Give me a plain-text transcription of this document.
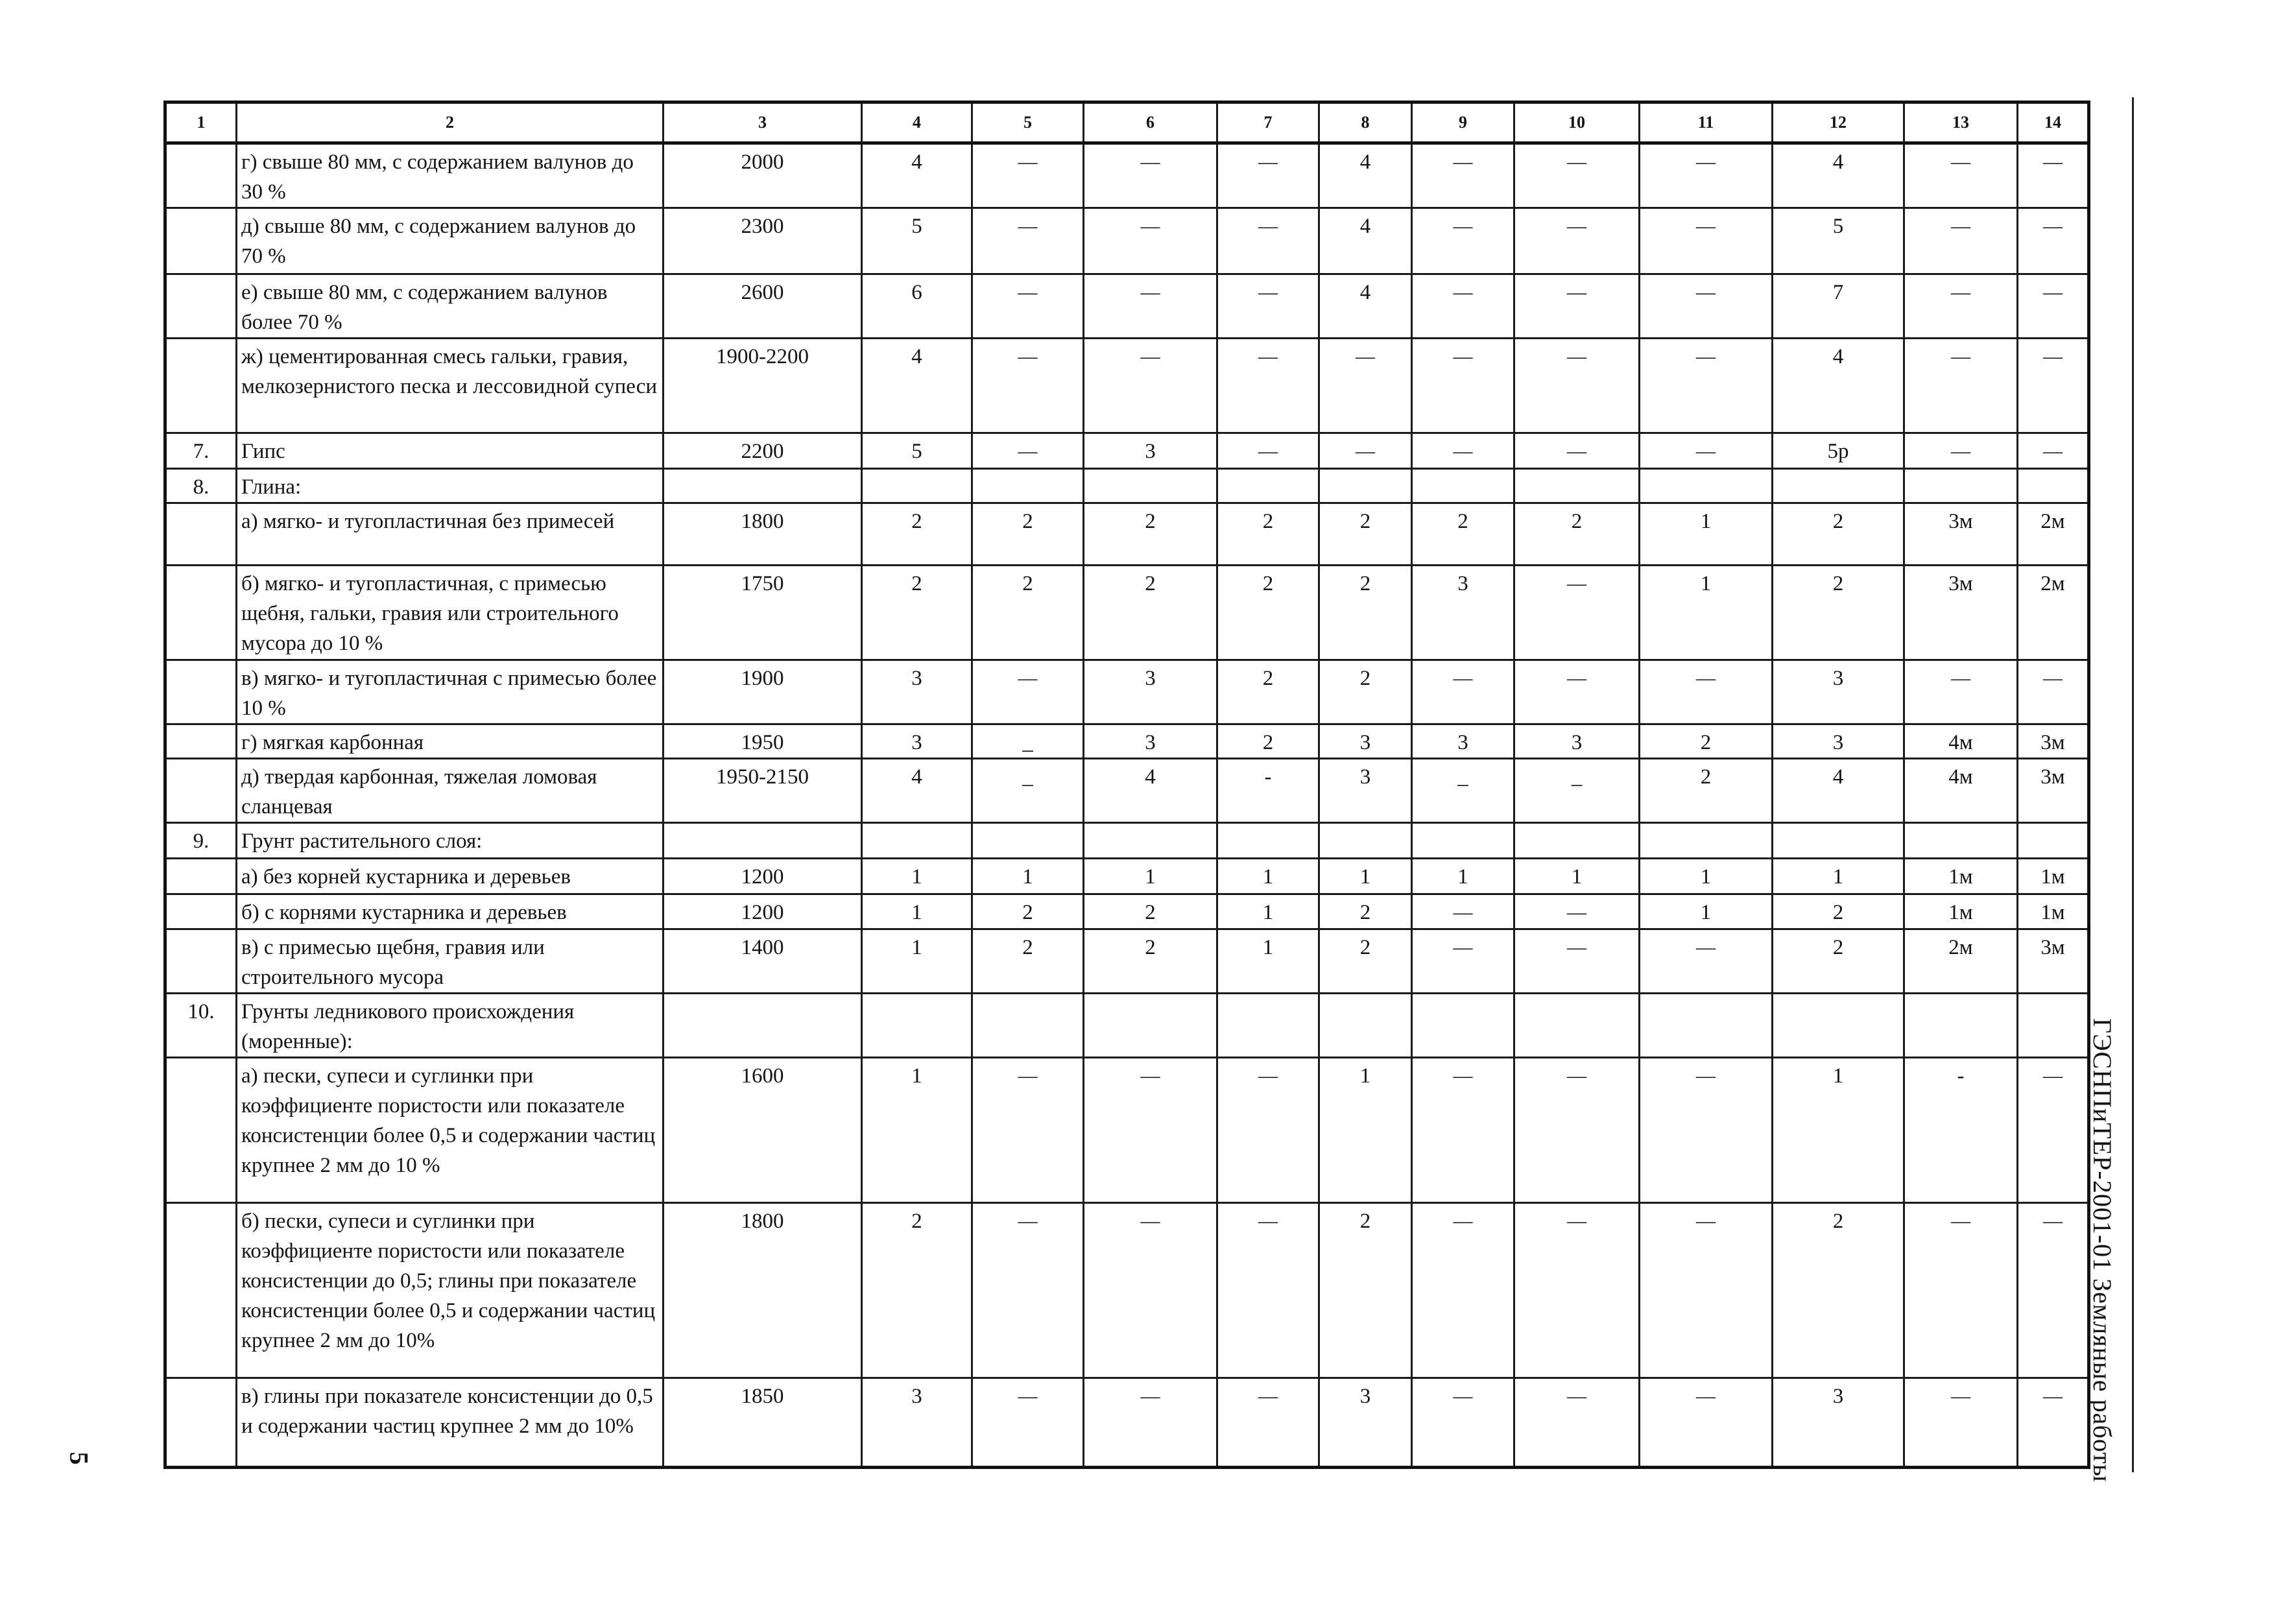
1	2	3	4	5	6	7	8	9	10	11	12	13	14
	г) свыше 80 мм, с содержанием валунов до 30 %	2000	4	—	—	—	4	—	—	—	4	—	—
	д) свыше 80 мм, с содержанием валунов до 70 %	2300	5	—	—	—	4	—	—	—	5	—	—
	е) свыше 80 мм, с содержанием валунов более 70 %	2600	6	—	—	—	4	—	—	—	7	—	—
	ж) цементированная смесь гальки, гравия, мелкозернистого песка и лессовидной супеси	1900-2200	4	—	—	—	—	—	—	—	4	—	—
7.	Гипс	2200	5	—	3	—	—	—	—	—	5р	—	—
8.	Глина:												
	а) мягко- и тугопластичная без примесей	1800	2	2	2	2	2	2	2	1	2	3м	2м
	б) мягко- и тугопластичная, с примесью щебня, гальки, гравия или строительного мусора до 10 %	1750	2	2	2	2	2	3	—	1	2	3м	2м
	в) мягко- и тугопластичная с примесью более 10 %	1900	3	—	3	2	2	—	—	—	3	—	—
	г) мягкая карбонная	1950	3	_	3	2	3	3	3	2	3	4м	3м
	д) твердая карбонная, тяжелая ломовая сланцевая	1950-2150	4	_	4	-	3	_	_	2	4	4м	3м
9.	Грунт растительного слоя:												
	а) без корней кустарника и деревьев	1200	1	1	1	1	1	1	1	1	1	1м	1м
	б) с корнями кустарника и деревьев	1200	1	2	2	1	2	—	—	1	2	1м	1м
	в) с примесью щебня, гравия или строительного мусора	1400	1	2	2	1	2	—	—	—	2	2м	3м
10.	Грунты ледникового происхождения (моренные):												
	а) пески, супеси и суглинки при коэффициенте пористости или показателе консистенции более 0,5 и содержании частиц крупнее 2 мм до 10 %	1600	1	—	—	—	1	—	—	—	1	-	—
	б) пески, супеси и суглинки при коэффициенте пористости или показателе консистенции до 0,5; глины при показателе консистенции более 0,5 и содержании частиц крупнее 2 мм до 10%	1800	2	—	—	—	2	—	—	—	2	—	—
	в) глины при показателе консистенции до 0,5 и содержании частиц крупнее 2 мм до 10%	1850	3	—	—	—	3	—	—	—	3	—	— ГЭСНПиТЕР-2001-01 Земляные работы
5
